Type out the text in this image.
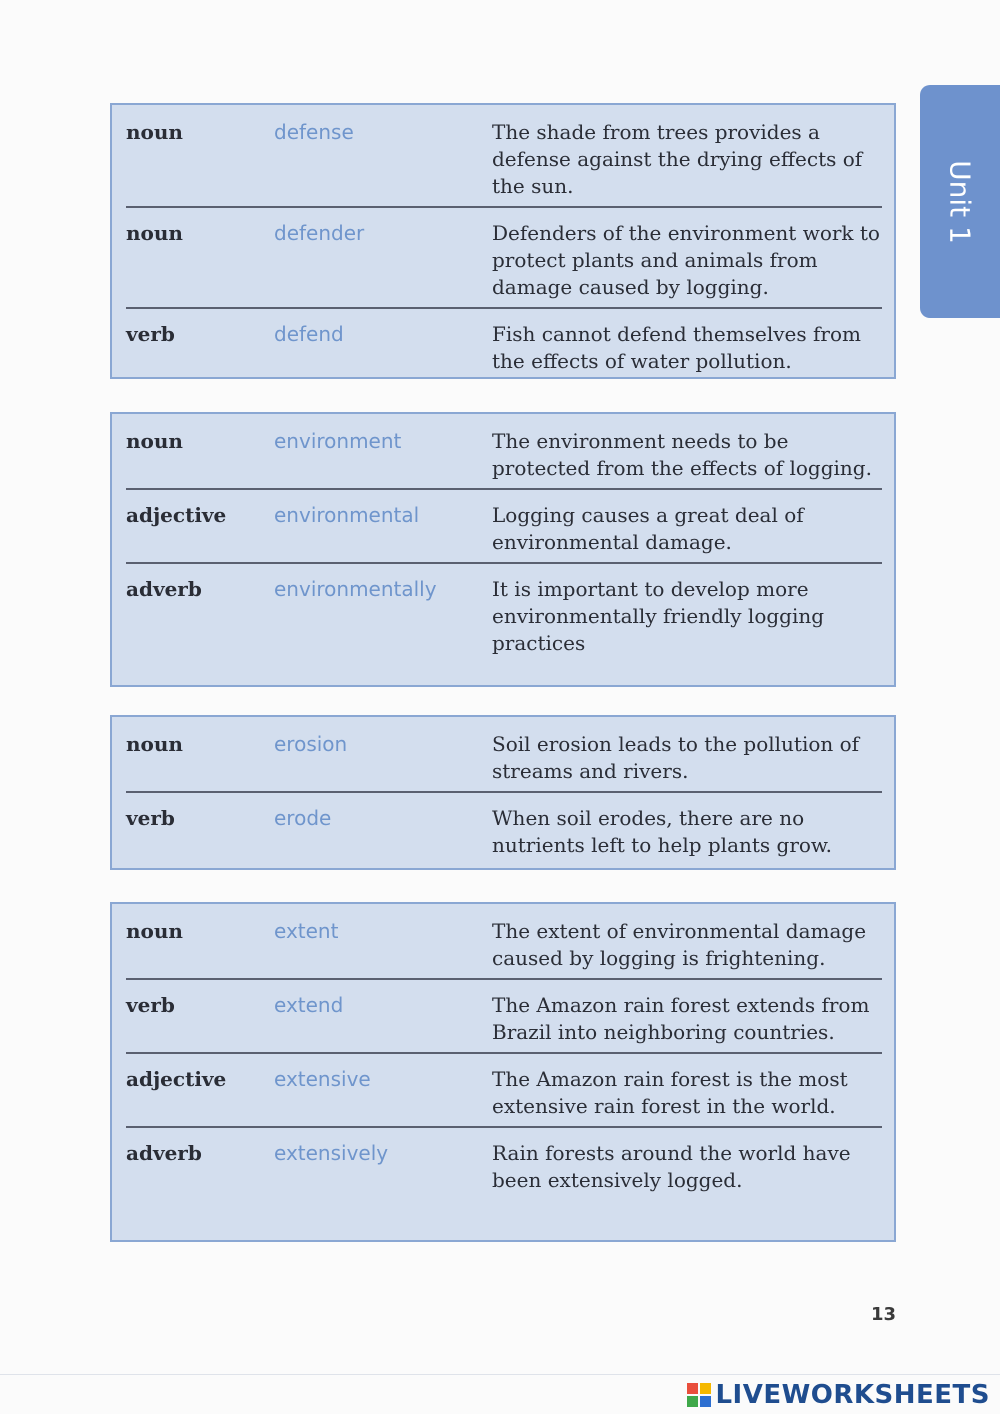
Unit 1
noun	defense	The shade from trees provides a defense against the drying effects of the sun.
noun	defender	Defenders of the environment work to protect plants and animals from damage caused by logging.
verb	defend	Fish cannot defend themselves from the effects of water pollution.
noun	environment	The environment needs to be protected from the effects of logging.
adjective	environmental	Logging causes a great deal of environmental damage.
adverb	environmentally	It is important to develop more environmentally friendly logging practices
noun	erosion	Soil erosion leads to the pollution of streams and rivers.
verb	erode	When soil erodes, there are no nutrients left to help plants grow.
noun	extent	The extent of environmental damage caused by logging is frightening.
verb	extend	The Amazon rain forest extends from Brazil into neighboring countries.
adjective	extensive	The Amazon rain forest is the most extensive rain forest in the world.
adverb	extensively	Rain forests around the world have been extensively logged.
13
LIVEWORKSHEETS
